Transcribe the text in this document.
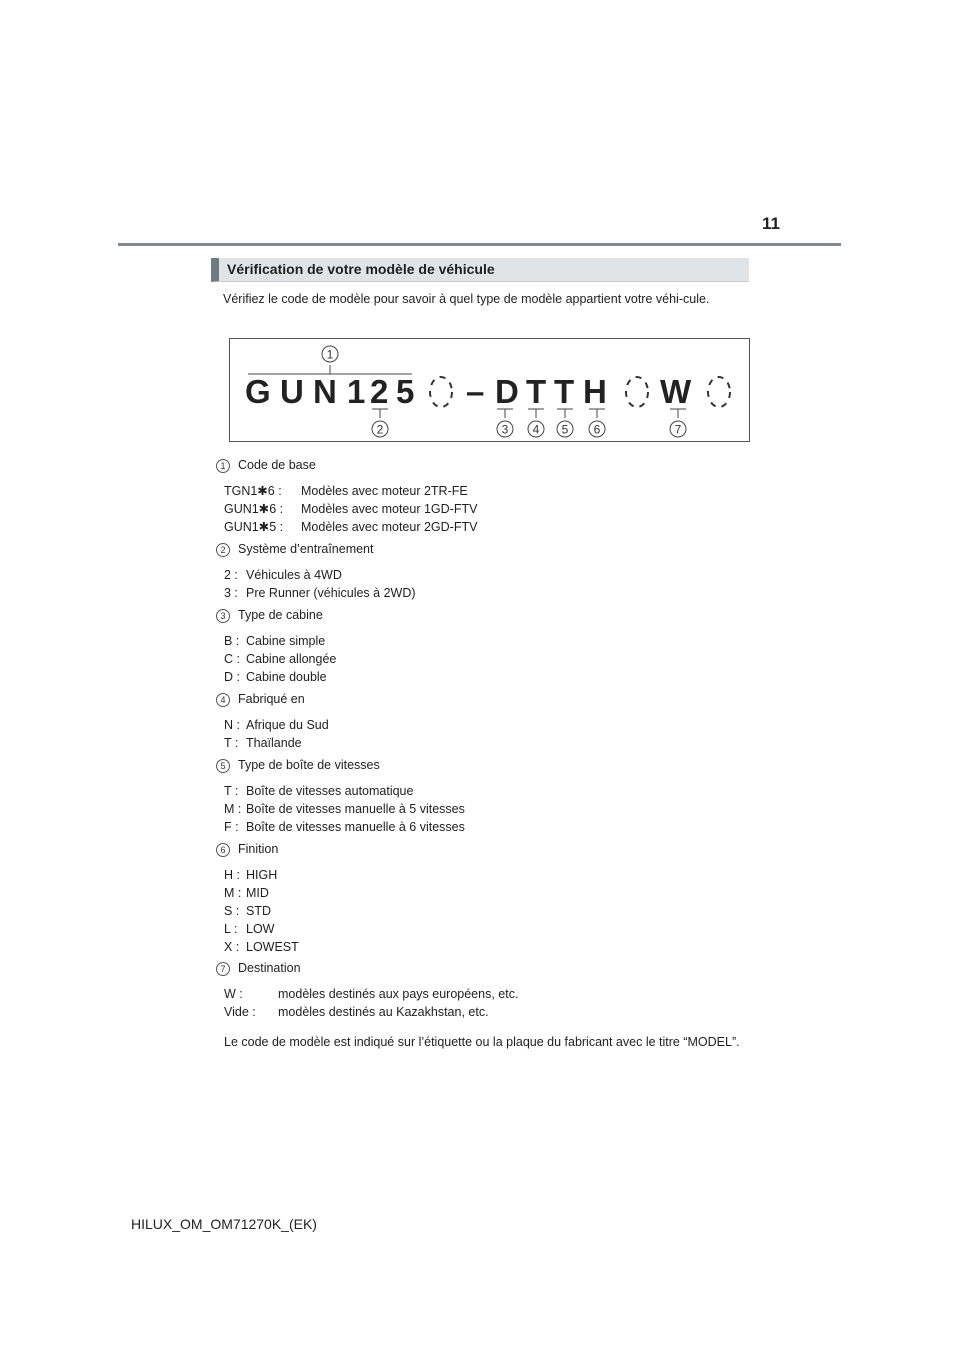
11
Vérification de votre modèle de véhicule
Vérifiez le code de modèle pour savoir à quel type de modèle appartient votre véhi-cule.
1
G U N 1 2 5 – D T T H W
2	3 4 5 6	7
1	Code de base
TGN1✱6 : Modèles avec moteur 2TR-FE
GUN1✱6 : Modèles avec moteur 1GD-FTV
GUN1✱5 : Modèles avec moteur 2GD-FTV
2	Système d’entraînement
2 : Véhicules à 4WD
3 : Pre Runner (véhicules à 2WD)
3	Type de cabine
B : Cabine simple
C : Cabine allongée
D : Cabine double
4	Fabriqué en
N : Afrique du Sud
T : Thaïlande
5	Type de boîte de vitesses
T : Boîte de vitesses automatique
M : Boîte de vitesses manuelle à 5 vitesses
F : Boîte de vitesses manuelle à 6 vitesses
6	Finition
H : HIGH
M : MID
S : STD
L : LOW
X : LOWEST
7	Destination
W :	modèles destinés aux pays européens, etc.
Vide : modèles destinés au Kazakhstan, etc.
Le code de modèle est indiqué sur l’étiquette ou la plaque du fabricant avec le titre “MODEL”.
HILUX_OM_OM71270K_(EK)
